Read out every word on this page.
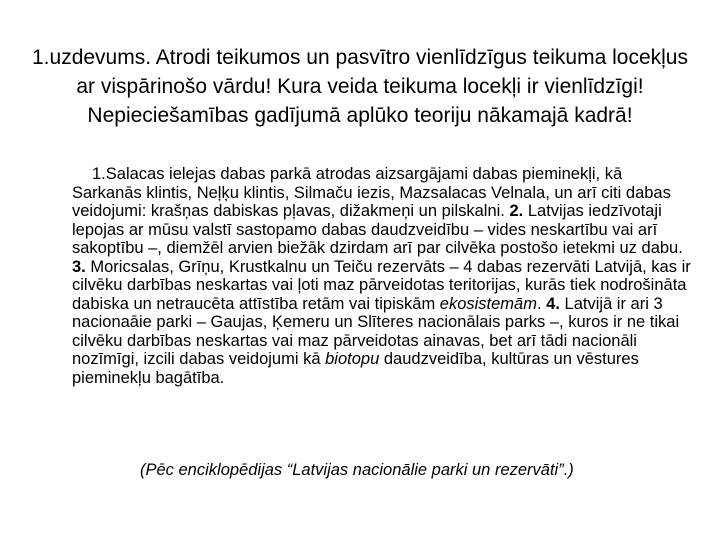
1.uzdevums. Atrodi teikumos un pasvītro vienlīdzīgus teikuma locekļus ar vispārinošo vārdu! Kura veida teikuma locekļi ir vienlīdzīgi! Nepieciešamības gadījumā aplūko teoriju nākamajā kadrā!

1.Salacas ielejas dabas parkā atrodas aizsargājami dabas pieminekļi, kā Sarkanās klintis, Neļķu klintis, Silmaču iezis, Mazsalacas Velnala, un arī citi dabas veidojumi: krašņas dabiskas pļavas, dižakmeņi un pilskalni. 2. Latvijas iedzīvotaji lepojas ar mūsu valstī sastopamo dabas daudzveidību – vides neskartību vai arī sakoptību –, diemžēl arvien biežāk dzirdam arī par cilvēka postošo ietekmi uz dabu. 3. Moricsalas, Grīņu, Krustkalnu un Teiču rezervāts – 4 dabas rezervāti Latvijā, kas ir cilvēku darbības neskartas vai ļoti maz pārveidotas teritorijas, kurās tiek nodrošināta dabiska un netraucēta attīstība retām vai tipiskām ekosistemām. 4. Latvijā ir ari 3 nacionaāie parki – Gaujas, Ķemeru un Slīteres nacionālais parks –, kuros ir ne tikai cilvēku darbības neskartas vai maz pārveidotas ainavas, bet arī tādi nacionāli nozīmīgi, izcili dabas veidojumi kā biotopu daudzveidība, kultūras un vēstures pieminekļu bagātība.

(Pēc enciklopēdijas “Latvijas nacionālie parki un rezervāti”.)
